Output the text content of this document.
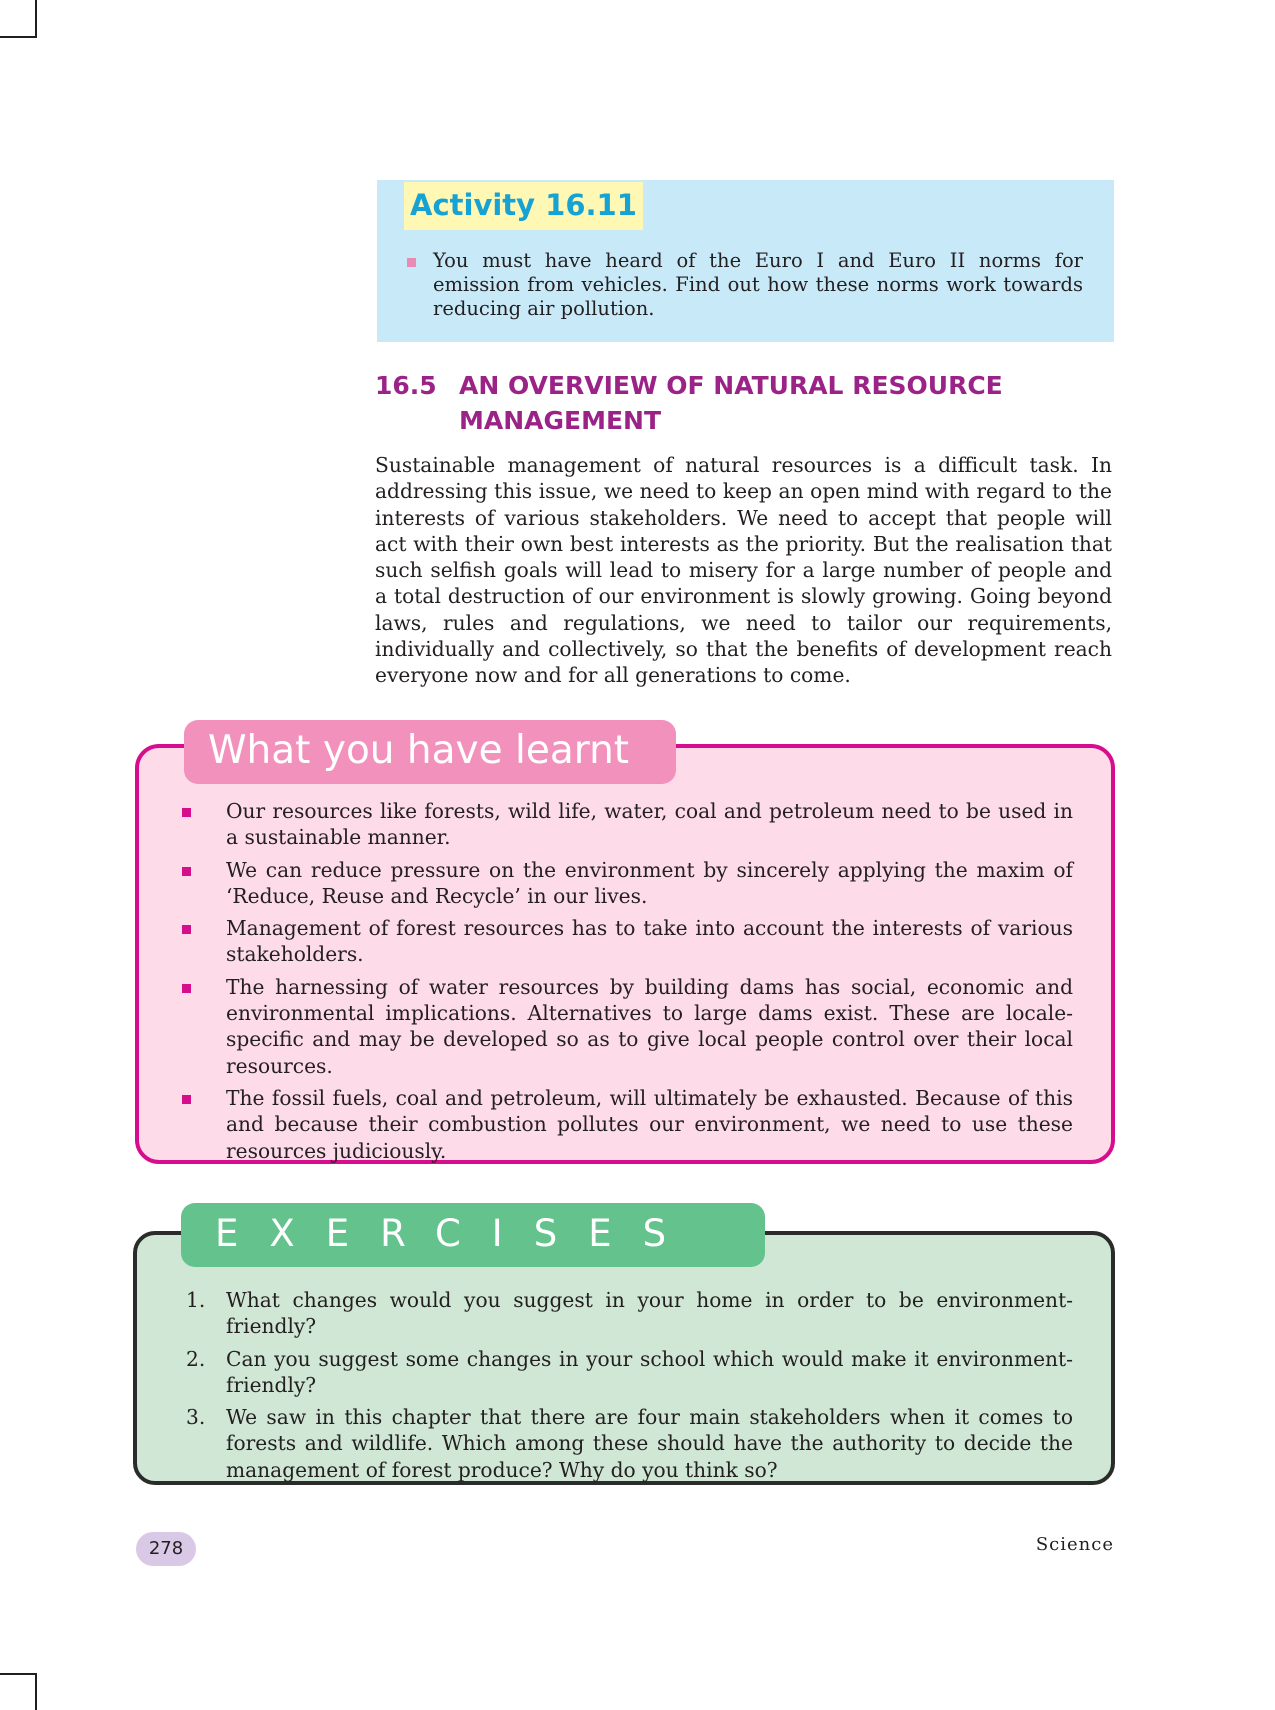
Activity 16.11

You must have heard of the Euro I and Euro II norms for emission from vehicles. Find out how these norms work towards reducing air pollution.

16.5 AN OVERVIEW OF NATURAL RESOURCE
MANAGEMENT

Sustainable management of natural resources is a difficult task. In addressing this issue, we need to keep an open mind with regard to the interests of various stakeholders. We need to accept that people will act with their own best interests as the priority. But the realisation that such selfish goals will lead to misery for a large number of people and a total destruction of our environment is slowly growing. Going beyond laws, rules and regulations, we need to tailor our requirements, individually and collectively, so that the benefits of development reach everyone now and for all generations to come.

What you have learnt
Our resources like forests, wild life, water, coal and petroleum need to be used in a sustainable manner.
We can reduce pressure on the environment by sincerely applying the maxim of ‘Reduce, Reuse and Recycle’ in our lives.
Management of forest resources has to take into account the interests of various stakeholders.
The harnessing of water resources by building dams has social, economic and environmental implications. Alternatives to large dams exist. These are locale-specific and may be developed so as to give local people control over their local resources.
The fossil fuels, coal and petroleum, will ultimately be exhausted. Because of this and because their combustion pollutes our environment, we need to use these resources judiciously.
EXERCISES
1. What changes would you suggest in your home in order to be environment-friendly?
2. Can you suggest some changes in your school which would make it environment-friendly?
3. We saw in this chapter that there are four main stakeholders when it comes to forests and wildlife. Which among these should have the authority to decide the management of forest produce? Why do you think so?
278	Science
